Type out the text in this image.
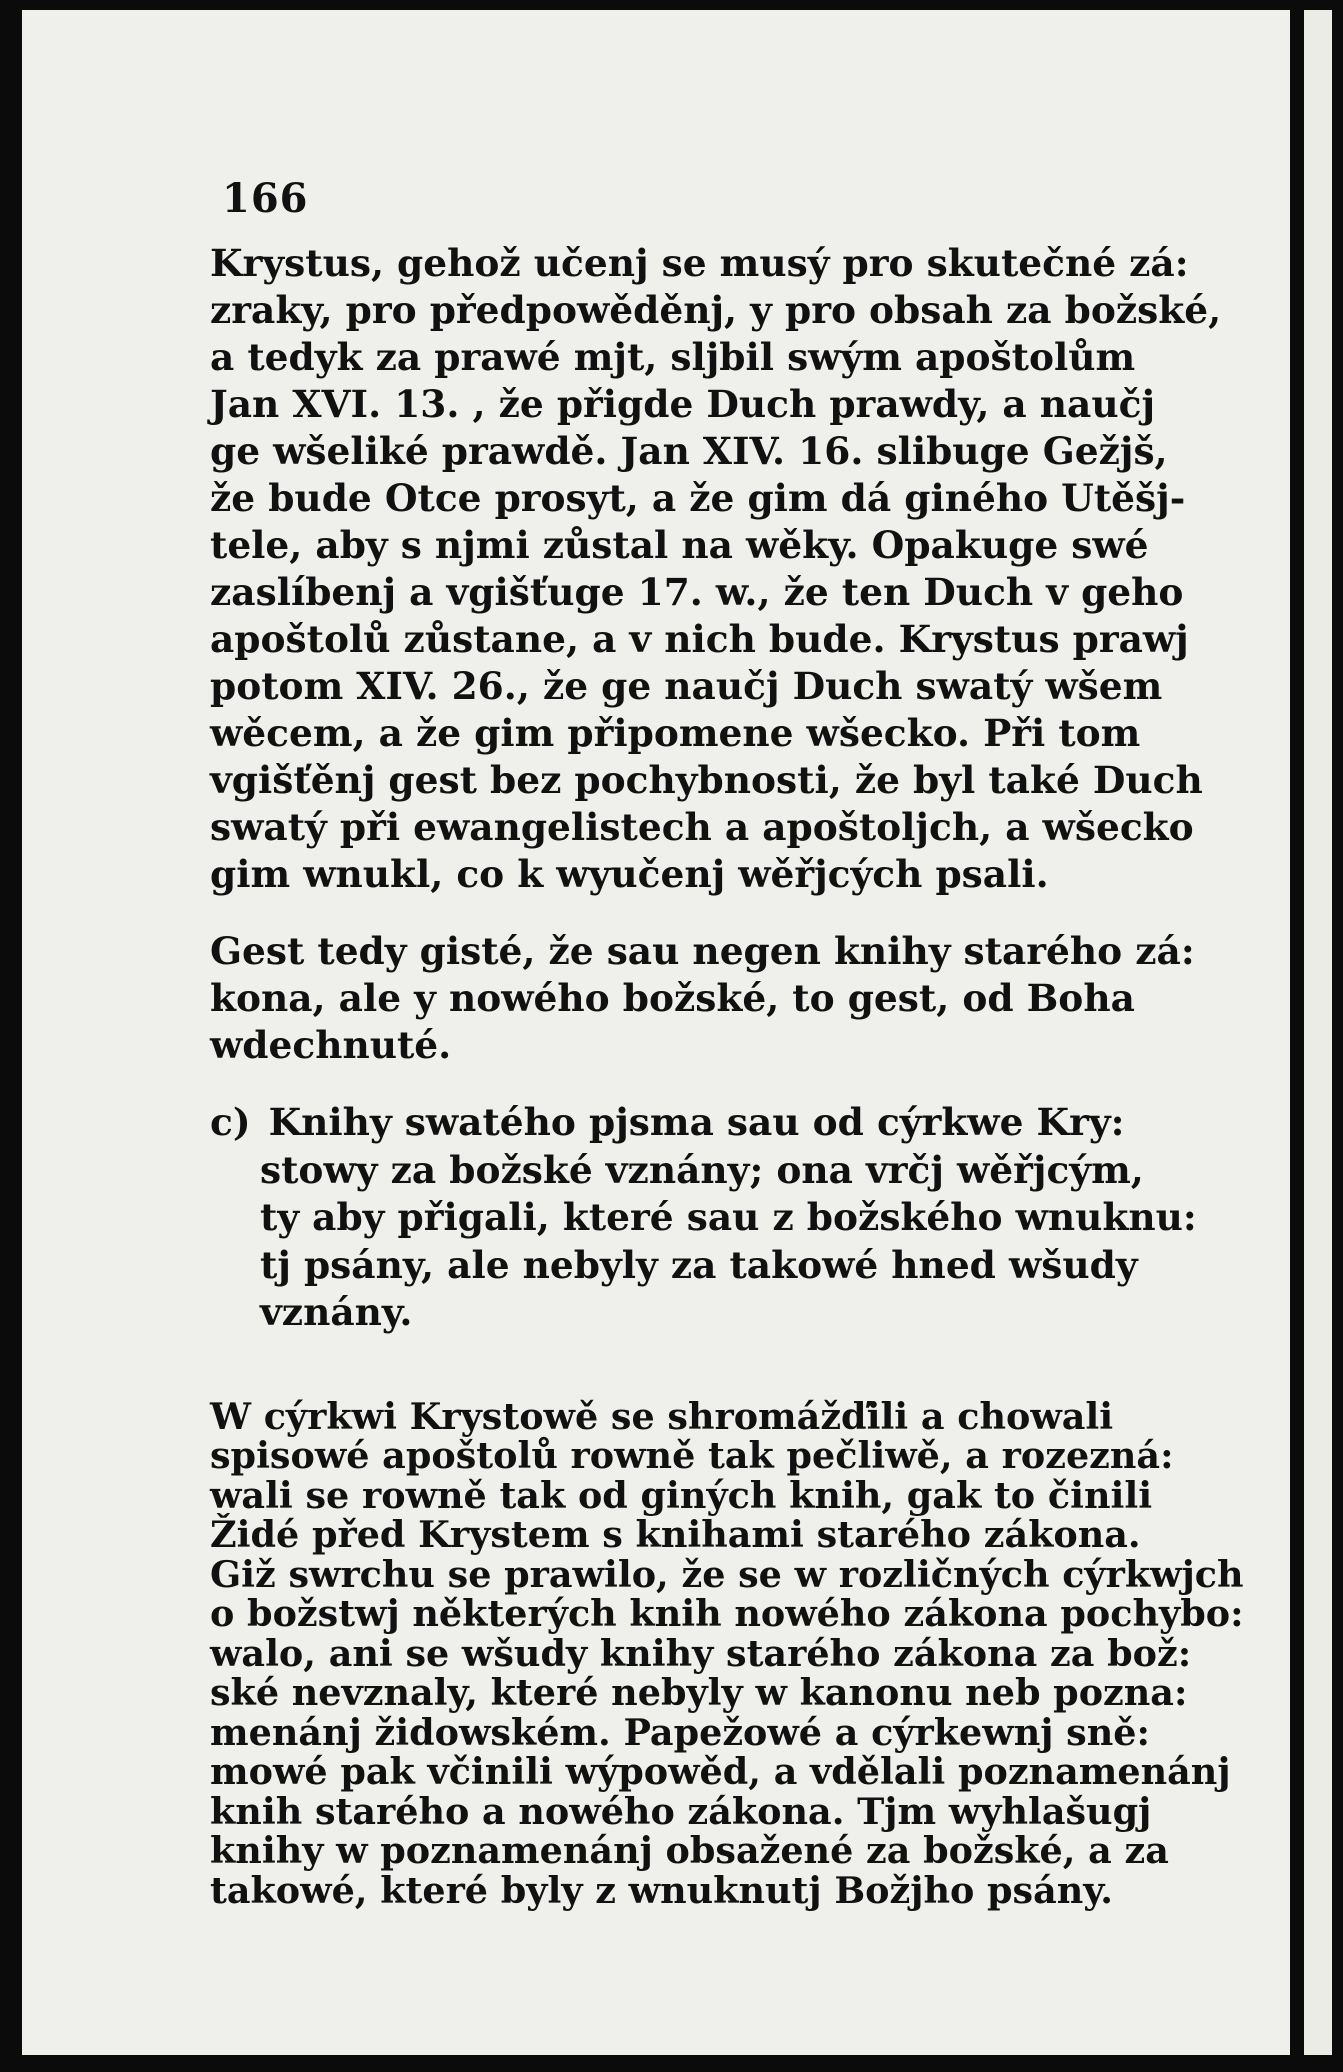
166

Krystus, gehož učenj se musý pro skutečné zá:
zraky, pro předpowěděnj, y pro obsah za božské,
a tedyk za prawé mjt, sljbil swým apoštolům
Jan XVI. 13. , že přigde Duch prawdy, a naučj
ge wšeliké prawdě. Jan XIV. 16. slibuge Gežjš,
že bude Otce prosyt, a že gim dá giného Utěšj-
tele, aby s njmi zůstal na wěky. Opakuge swé
zaslíbenj a vgišťuge 17. w., že ten Duch v geho
apoštolů zůstane, a v nich bude. Krystus prawj
potom XIV. 26., že ge naučj Duch swatý wšem
wěcem, a že gim připomene wšecko. Při tom
vgišťěnj gest bez pochybnosti, že byl také Duch
swatý při ewangelistech a apoštoljch, a wšecko
gim wnukl, co k wyučenj wěřjcých psali.

Gest tedy gisté, že sau negen knihy starého zá:
kona, ale y nowého božské, to gest, od Boha
wdechnuté.

c) Knihy swatého pjsma sau od cýrkwe Kry:
stowy za božské vznány; ona vrčj wěřjcým,
ty aby přigali, které sau z božského wnuknu:
tj psány, ale nebyly za takowé hned wšudy
vznány.

W cýrkwi Krystowě se shromážďili a chowali
spisowé apoštolů rowně tak pečliwě, a rozezná:
wali se rowně tak od giných knih, gak to činili
Židé před Krystem s knihami starého zákona.
Giž swrchu se prawilo, že se w rozličných cýrkwjch
o božstwj některých knih nowého zákona pochybo:
walo, ani se wšudy knihy starého zákona za bož:
ské nevznaly, které nebyly w kanonu neb pozna:
menánj židowském. Papežowé a cýrkewnj sně:
mowé pak včinili wýpowěd, a vdělali poznamenánj
knih starého a nowého zákona. Tjm wyhlašugj
knihy w poznamenánj obsažené za božské, a za
takowé, které byly z wnuknutj Božjho psány.
